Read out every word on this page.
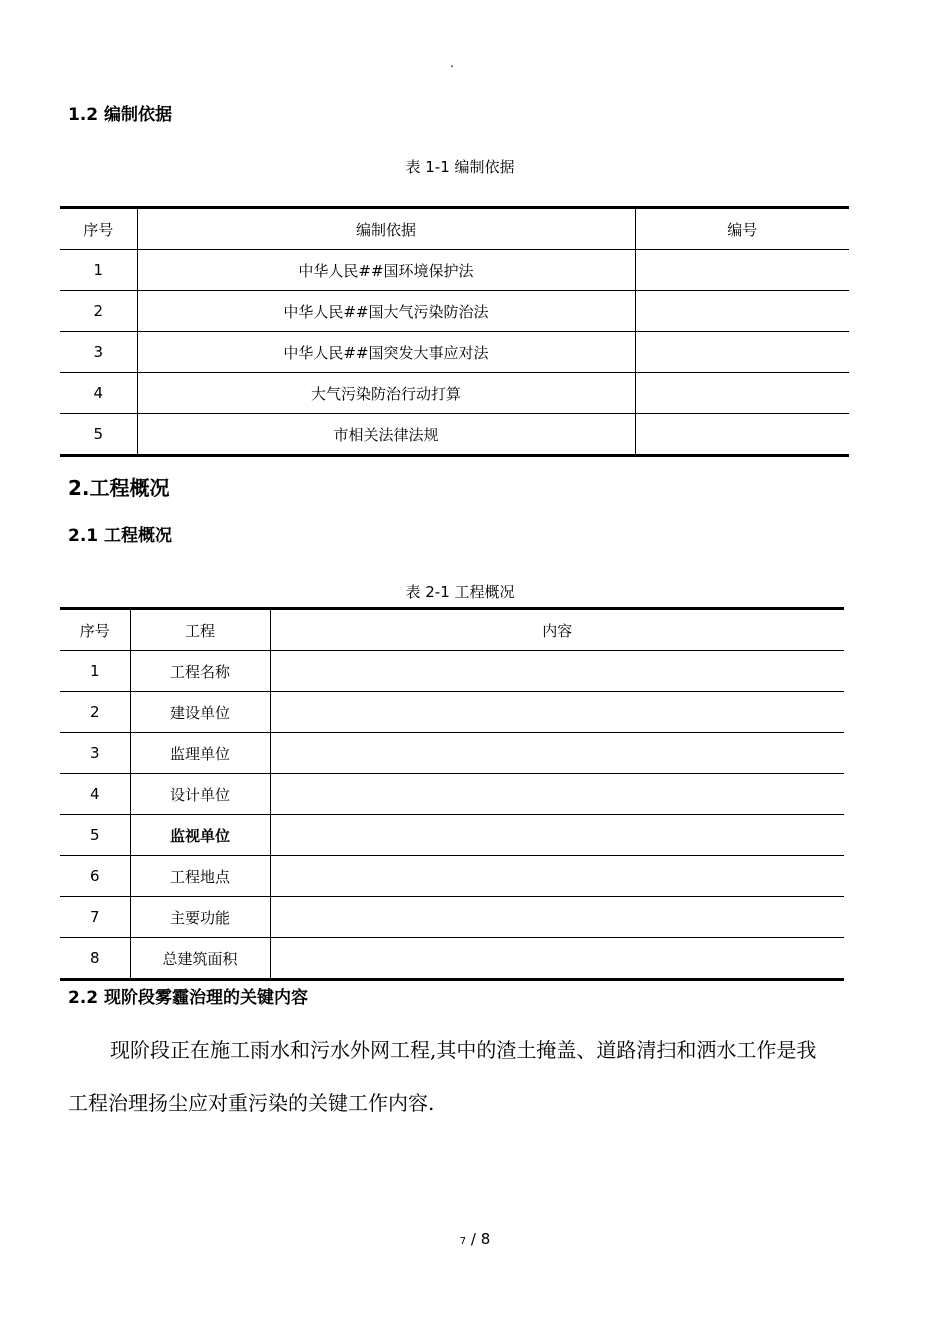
.
1.2 编制依据
表 1-1 编制依据
序号	编制依据	编号
1	中华人民##国环境保护法	
2	中华人民##国大气污染防治法	
3	中华人民##国突发大事应对法	
4	大气污染防治行动打算	
5	市相关法律法规	
2.工程概况
2.1 工程概况
表 2-1 工程概况
序号	工程	内容
1	工程名称	
2	建设单位	
3	监理单位	
4	设计单位	
5	监视单位	
6	工程地点	
7	主要功能	
8	总建筑面积	
2.2 现阶段雾霾治理的关键内容
现阶段正在施工雨水和污水外网工程,其中的渣土掩盖、道路清扫和洒水工作是我工程治理扬尘应对重污染的关键工作内容.
7 / 8
